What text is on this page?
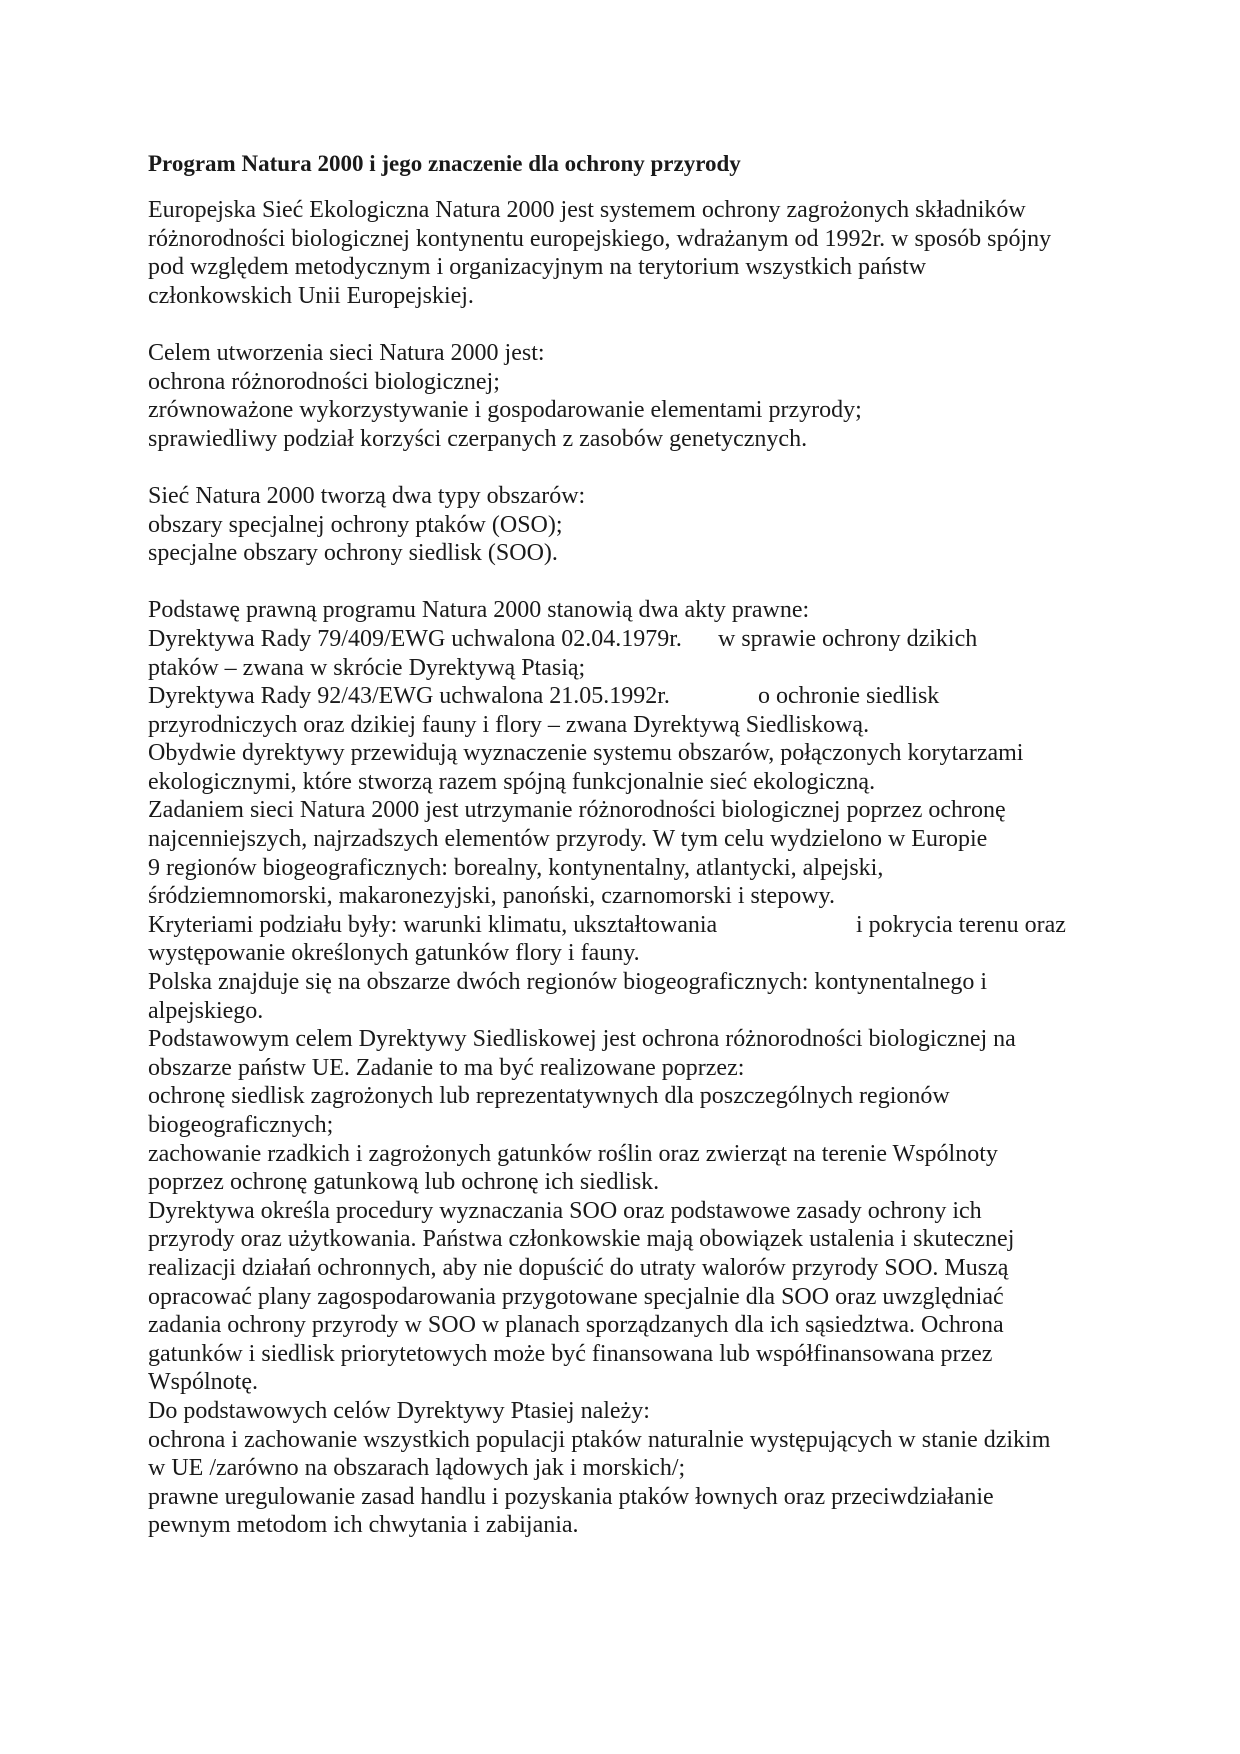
Program Natura 2000 i jego znaczenie dla ochrony przyrody
Europejska Sieć Ekologiczna Natura 2000 jest systemem ochrony zagrożonych składników
różnorodności biologicznej kontynentu europejskiego, wdrażanym od 1992r. w sposób spójny
pod względem metodycznym i organizacyjnym na terytorium wszystkich państw
członkowskich Unii Europejskiej.
Celem utworzenia sieci Natura 2000 jest:
ochrona różnorodności biologicznej;
zrównoważone wykorzystywanie i gospodarowanie elementami przyrody;
sprawiedliwy podział korzyści czerpanych z zasobów genetycznych.
Sieć Natura 2000 tworzą dwa typy obszarów:
obszary specjalnej ochrony ptaków (OSO);
specjalne obszary ochrony siedlisk (SOO).
Podstawę prawną programu Natura 2000 stanowią dwa akty prawne:
Dyrektywa Rady 79/409/EWG uchwalona 02.04.1979r.	w sprawie ochrony dzikich
ptaków – zwana w skrócie Dyrektywą Ptasią;
Dyrektywa Rady 92/43/EWG uchwalona 21.05.1992r.	o ochronie siedlisk
przyrodniczych oraz dzikiej fauny i flory – zwana Dyrektywą Siedliskową.
Obydwie dyrektywy przewidują wyznaczenie systemu obszarów, połączonych korytarzami
ekologicznymi, które stworzą razem spójną funkcjonalnie sieć ekologiczną.
Zadaniem sieci Natura 2000 jest utrzymanie różnorodności biologicznej poprzez ochronę
najcenniejszych, najrzadszych elementów przyrody. W tym celu wydzielono w Europie
9 regionów biogeograficznych: borealny, kontynentalny, atlantycki, alpejski,
śródziemnomorski, makaronezyjski, panoński, czarnomorski i stepowy.
Kryteriami podziału były: warunki klimatu, ukształtowania	i pokrycia terenu oraz
występowanie określonych gatunków flory i fauny.
Polska znajduje się na obszarze dwóch regionów biogeograficznych: kontynentalnego i
alpejskiego.
Podstawowym celem Dyrektywy Siedliskowej jest ochrona różnorodności biologicznej na
obszarze państw UE. Zadanie to ma być realizowane poprzez:
ochronę siedlisk zagrożonych lub reprezentatywnych dla poszczególnych regionów
biogeograficznych;
zachowanie rzadkich i zagrożonych gatunków roślin oraz zwierząt na terenie Wspólnoty
poprzez ochronę gatunkową lub ochronę ich siedlisk.
Dyrektywa określa procedury wyznaczania SOO oraz podstawowe zasady ochrony ich
przyrody oraz użytkowania. Państwa członkowskie mają obowiązek ustalenia i skutecznej
realizacji działań ochronnych, aby nie dopuścić do utraty walorów przyrody SOO. Muszą
opracować plany zagospodarowania przygotowane specjalnie dla SOO oraz uwzględniać
zadania ochrony przyrody w SOO w planach sporządzanych dla ich sąsiedztwa. Ochrona
gatunków i siedlisk priorytetowych może być finansowana lub współfinansowana przez
Wspólnotę.
Do podstawowych celów Dyrektywy Ptasiej należy:
ochrona i zachowanie wszystkich populacji ptaków naturalnie występujących w stanie dzikim
w UE /zarówno na obszarach lądowych jak i morskich/;
prawne uregulowanie zasad handlu i pozyskania ptaków łownych oraz przeciwdziałanie
pewnym metodom ich chwytania i zabijania.
